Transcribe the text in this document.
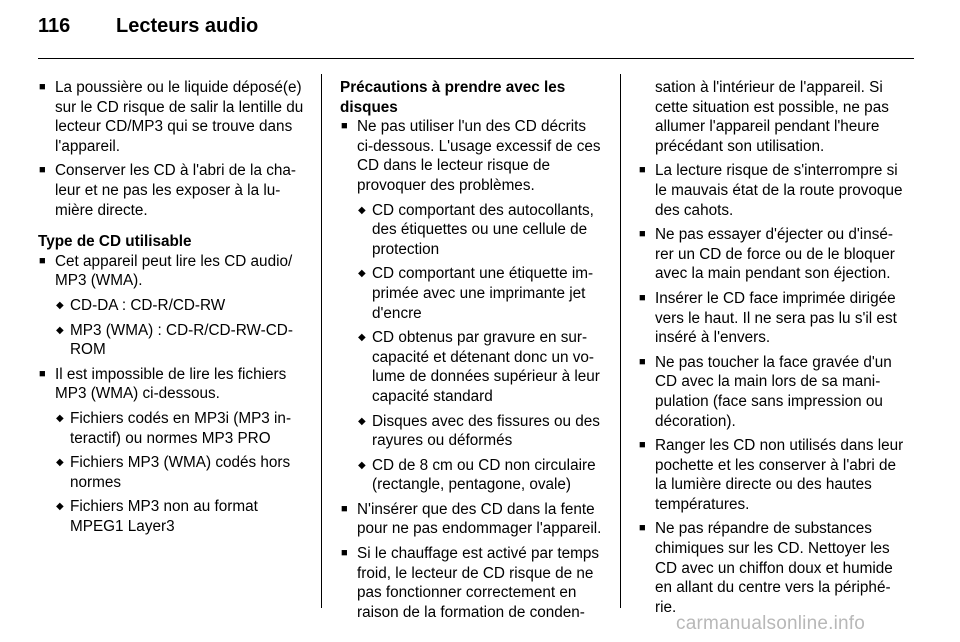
116	Lecteurs audio
■ La poussière ou le liquide déposé(e) sur le CD risque de salir la lentille du lecteur CD/MP3 qui se trouve dans l'appareil.
■ Conserver les CD à l'abri de la chaleur et ne pas les exposer à la lumière directe.
Type de CD utilisable
■ Cet appareil peut lire les CD audio/ MP3 (WMA).
◆ CD-DA : CD-R/CD-RW
◆ MP3 (WMA) : CD-R/CD-RW-CD-ROM
■ Il est impossible de lire les fichiers MP3 (WMA) ci-dessous.
◆ Fichiers codés en MP3i (MP3 interactif) ou normes MP3 PRO
◆ Fichiers MP3 (WMA) codés hors normes
◆ Fichiers MP3 non au format MPEG1 Layer3
Précautions à prendre avec les disques
■ Ne pas utiliser l'un des CD décrits ci-dessous. L'usage excessif de ces CD dans le lecteur risque de provoquer des problèmes.
◆ CD comportant des autocollants, des étiquettes ou une cellule de protection
◆ CD comportant une étiquette imprimée avec une imprimante jet d'encre
◆ CD obtenus par gravure en surcapacité et détenant donc un volume de données supérieur à leur capacité standard
◆ Disques avec des fissures ou des rayures ou déformés
◆ CD de 8 cm ou CD non circulaire (rectangle, pentagone, ovale)
■ N'insérer que des CD dans la fente pour ne pas endommager l'appareil.
■ Si le chauffage est activé par temps froid, le lecteur de CD risque de ne pas fonctionner correctement en raison de la formation de conden-
sation à l'intérieur de l'appareil. Si cette situation est possible, ne pas allumer l'appareil pendant l'heure précédant son utilisation.
■ La lecture risque de s'interrompre si le mauvais état de la route provoque des cahots.
■ Ne pas essayer d'éjecter ou d'insérer un CD de force ou de le bloquer avec la main pendant son éjection.
■ Insérer le CD face imprimée dirigée vers le haut. Il ne sera pas lu s'il est inséré à l'envers.
■ Ne pas toucher la face gravée d'un CD avec la main lors de sa manipulation (face sans impression ou décoration).
■ Ranger les CD non utilisés dans leur pochette et les conserver à l'abri de la lumière directe ou des hautes températures.
■ Ne pas répandre de substances chimiques sur les CD. Nettoyer les CD avec un chiffon doux et humide en allant du centre vers la périphérie.
carmanualsonline.info
